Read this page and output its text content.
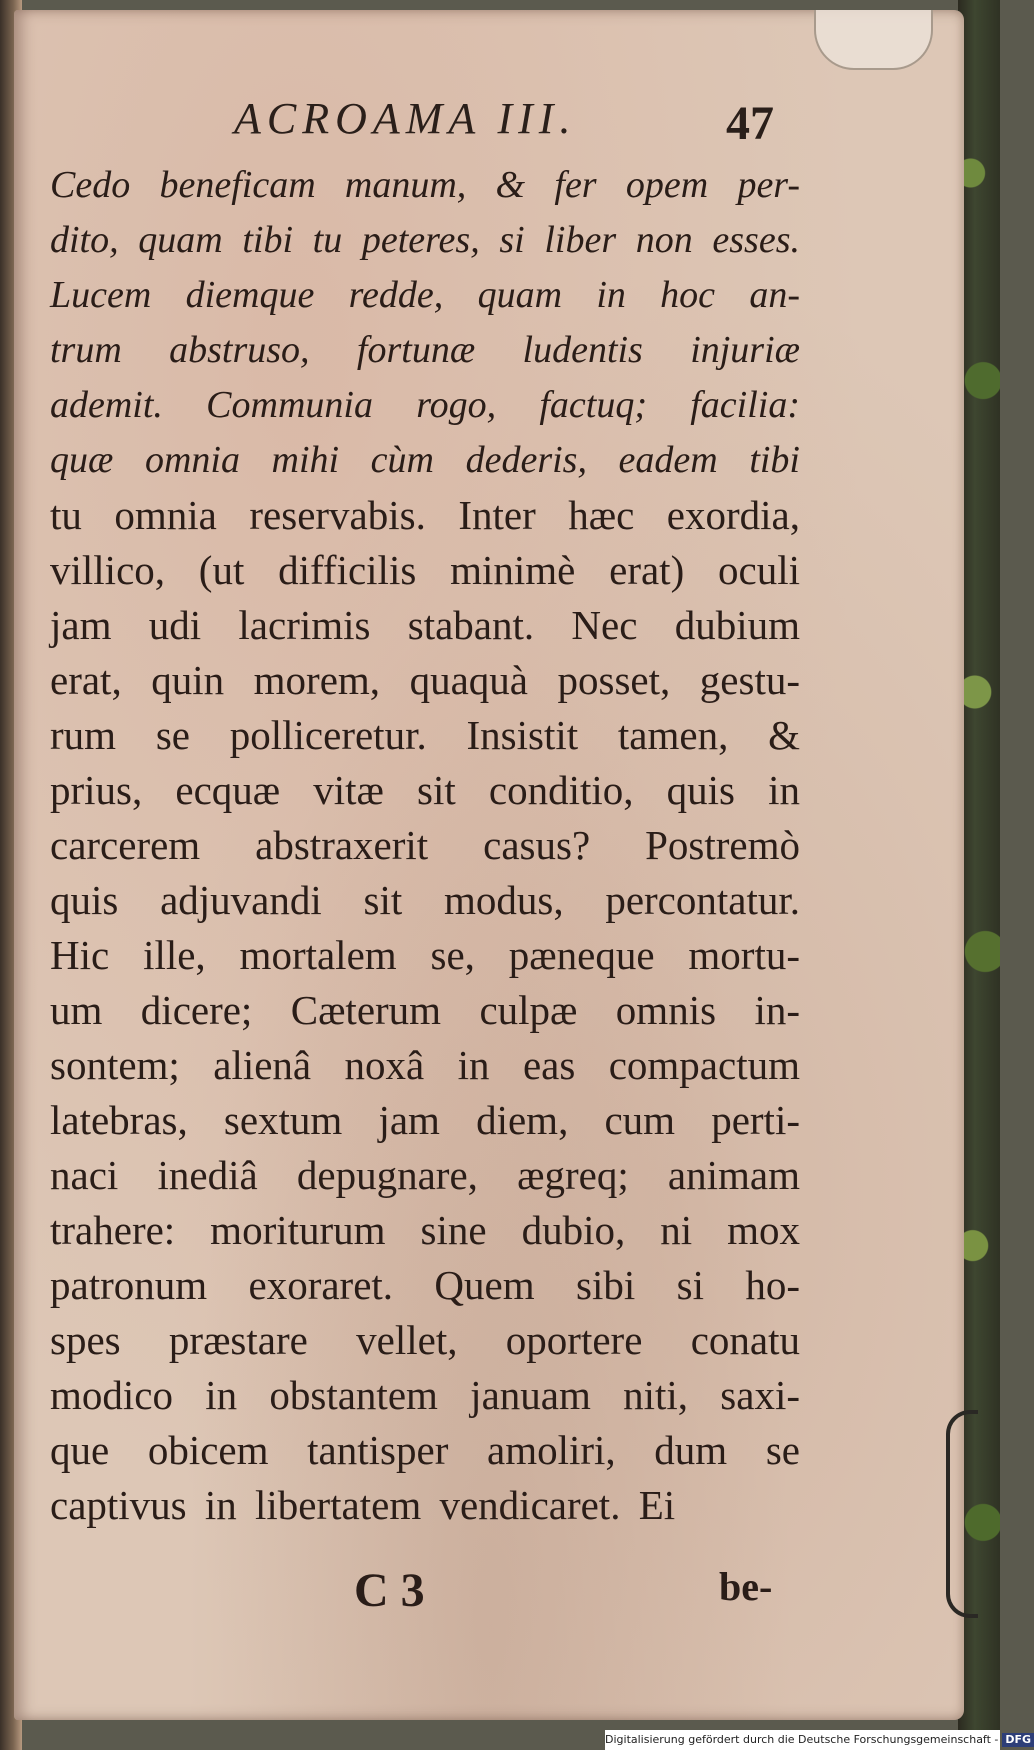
ACROAMA III.	47
Cedo beneficam manum, & fer opem per-
dito, quam tibi tu peteres, si liber non esses.
Lucem diemque redde, quam in hoc an-
trum abstruso, fortunæ ludentis injuriæ
ademit. Communia rogo, factuq; facilia:
quæ omnia mihi cùm dederis, eadem tibi
tu omnia reservabis. Inter hæc exordia,
villico, (ut difficilis minimè erat) oculi
jam udi lacrimis stabant. Nec dubium
erat, quin morem, quaquà posset, gestu-
rum se polliceretur. Insistit tamen, &
prius, ecquæ vitæ sit conditio, quis in
carcerem abstraxerit casus? Postremò
quis adjuvandi sit modus, percontatur.
Hic ille, mortalem se, pæneque mortu-
um dicere; Cæterum culpæ omnis in-
sontem; alienâ noxâ in eas compactum
latebras, sextum jam diem, cum perti-
naci inediâ depugnare, ægreq; animam
trahere: moriturum sine dubio, ni mox
patronum exoraret. Quem sibi si ho-
spes præstare vellet, oportere conatu
modico in obstantem januam niti, saxi-
que obicem tantisper amoliri, dum se
captivus in libertatem vendicaret. Ei
C 3	be-
Digitalisierung gefördert durch die Deutsche Forschungsgemeinschaft - DFG
